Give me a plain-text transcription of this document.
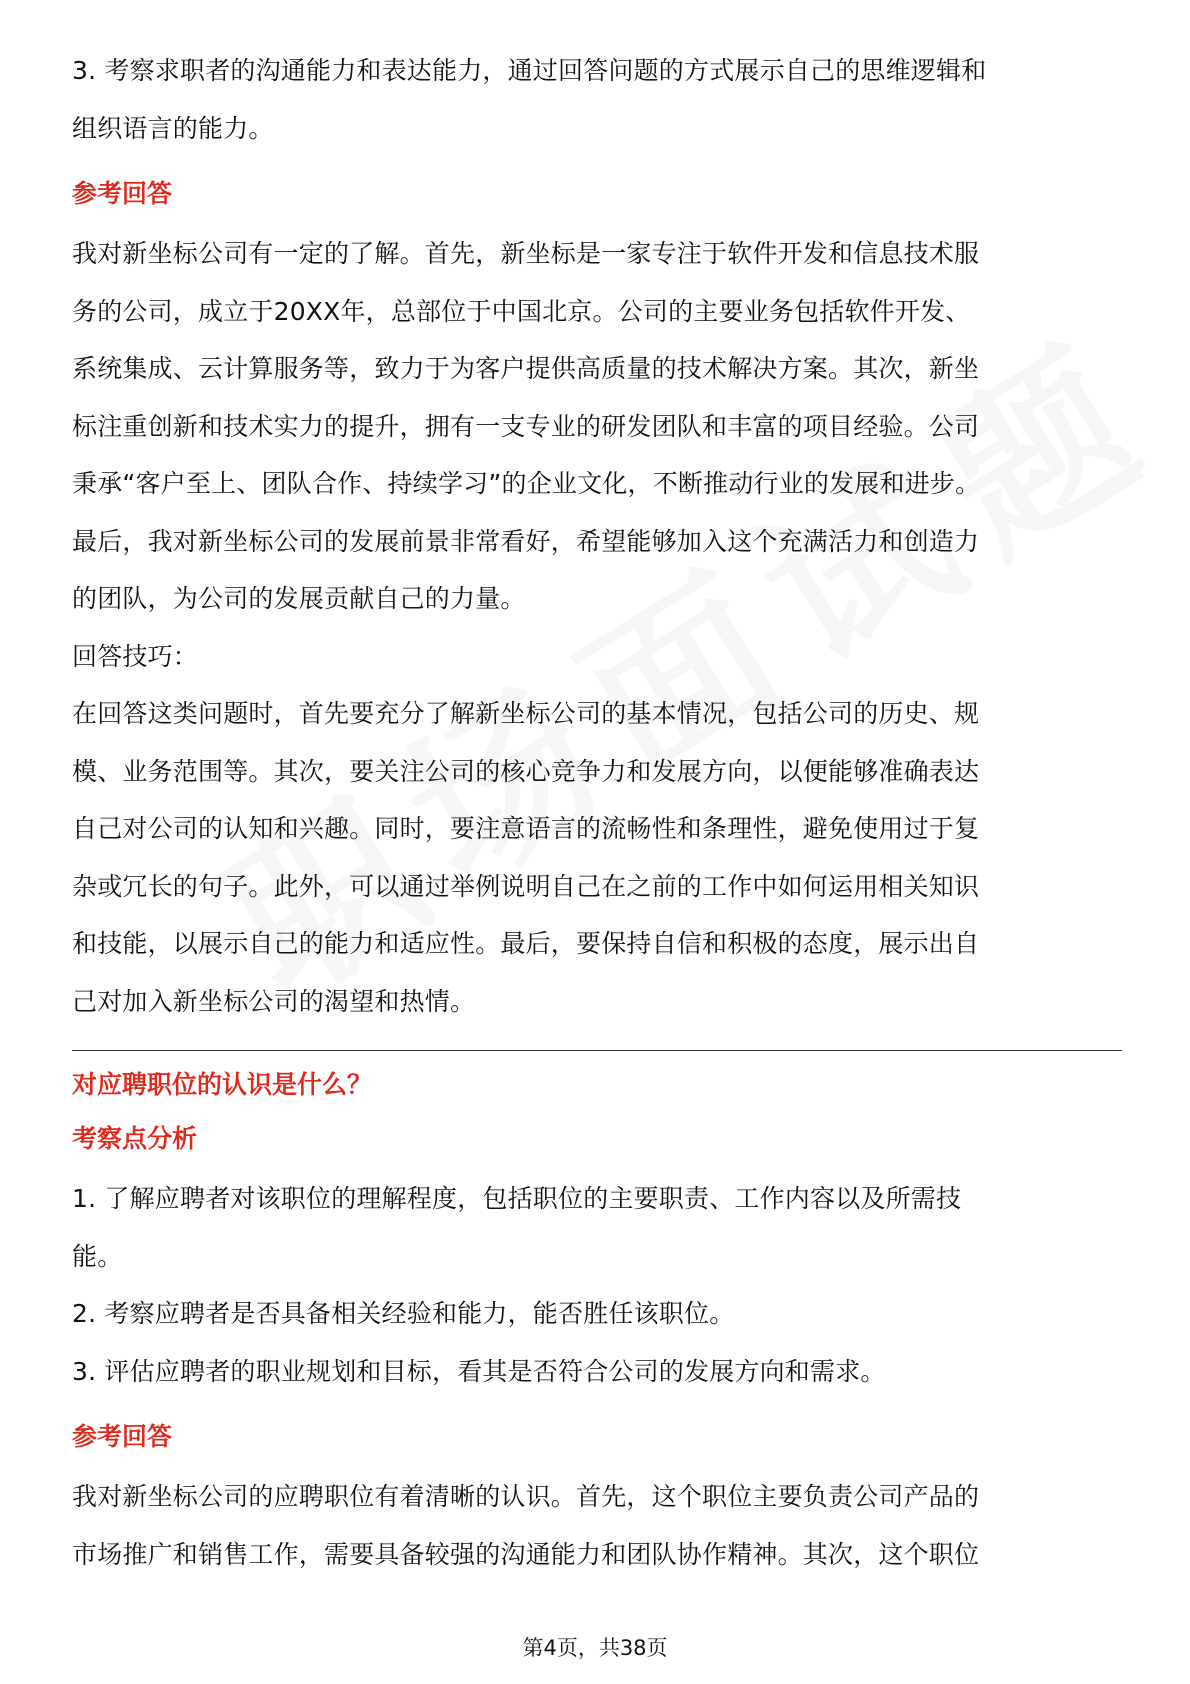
3. 考察求职者的沟通能力和表达能力，通过回答问题的方式展示自己的思维逻辑和

组织语言的能力。

参考回答

我对新坐标公司有一定的了解。首先，新坐标是一家专注于软件开发和信息技术服

务的公司，成立于20XX年，总部位于中国北京。公司的主要业务包括软件开发、

系统集成、云计算服务等，致力于为客户提供高质量的技术解决方案。其次，新坐

标注重创新和技术实力的提升，拥有一支专业的研发团队和丰富的项目经验。公司

秉承“客户至上、团队合作、持续学习”的企业文化，不断推动行业的发展和进步。

最后，我对新坐标公司的发展前景非常看好，希望能够加入这个充满活力和创造力

的团队，为公司的发展贡献自己的力量。

回答技巧：

在回答这类问题时，首先要充分了解新坐标公司的基本情况，包括公司的历史、规

模、业务范围等。其次，要关注公司的核心竞争力和发展方向，以便能够准确表达

自己对公司的认知和兴趣。同时，要注意语言的流畅性和条理性，避免使用过于复

杂或冗长的句子。此外，可以通过举例说明自己在之前的工作中如何运用相关知识

和技能，以展示自己的能力和适应性。最后，要保持自信和积极的态度，展示出自

己对加入新坐标公司的渴望和热情。

对应聘职位的认识是什么？
考察点分析

1. 了解应聘者对该职位的理解程度，包括职位的主要职责、工作内容以及所需技

能。

2. 考察应聘者是否具备相关经验和能力，能否胜任该职位。

3. 评估应聘者的职业规划和目标，看其是否符合公司的发展方向和需求。

参考回答

我对新坐标公司的应聘职位有着清晰的认识。首先，这个职位主要负责公司产品的

市场推广和销售工作，需要具备较强的沟通能力和团队协作精神。其次，这个职位

第4页，共38页
